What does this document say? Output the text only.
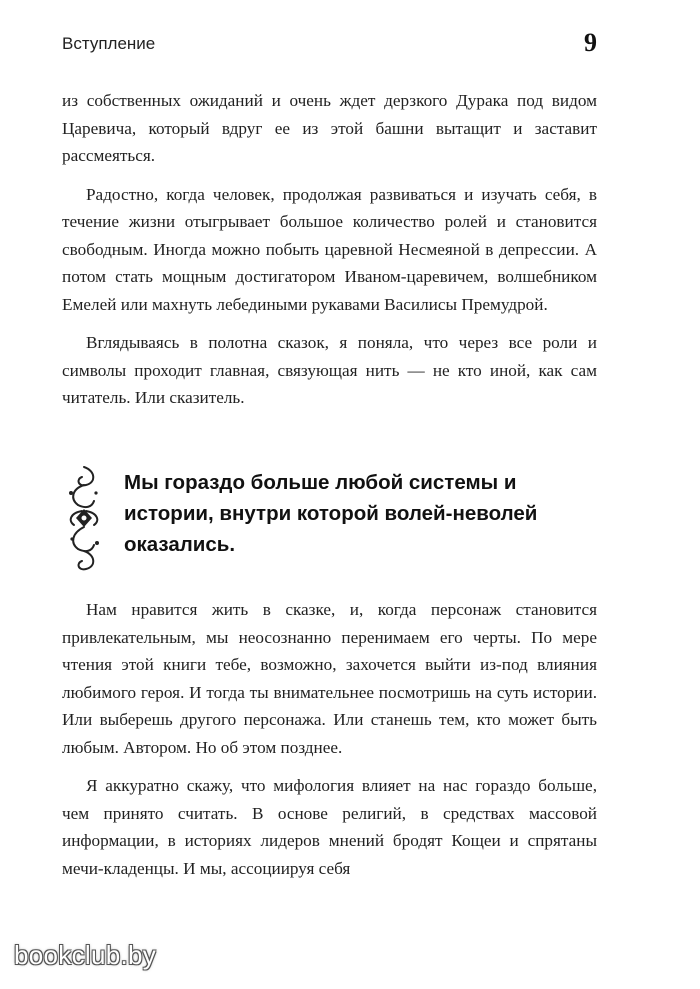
Вступление	9

из собственных ожиданий и очень ждет дерзкого Дурака под видом Царевича, который вдруг ее из этой башни вытащит и заставит рассмеяться.

Радостно, когда человек, продолжая развиваться и изучать себя, в течение жизни отыгрывает большое количество ролей и становится свободным. Иногда можно побыть царевной Несмеяной в депрессии. А потом стать мощным достигатором Иваном-царевичем, волшебником Емелей или махнуть лебедиными рукавами Василисы Премудрой.

Вглядываясь в полотна сказок, я поняла, что через все роли и символы проходит главная, связующая нить — не кто иной, как сам читатель. Или сказитель.

Мы гораздо больше любой системы и истории, внутри которой волей-неволей оказались.

Нам нравится жить в сказке, и, когда персонаж становится привлекательным, мы неосознанно перенимаем его черты. По мере чтения этой книги тебе, возможно, захочется выйти из-под влияния любимого героя. И тогда ты внимательнее посмотришь на суть истории. Или выберешь другого персонажа. Или станешь тем, кто может быть любым. Автором. Но об этом позднее.

Я аккуратно скажу, что мифология влияет на нас гораздо больше, чем принято считать. В основе религий, в средствах массовой информации, в историях лидеров мнений бродят Кощеи и спрятаны мечи-кладенцы. И мы, ассоциируя себя

bookclub.by
